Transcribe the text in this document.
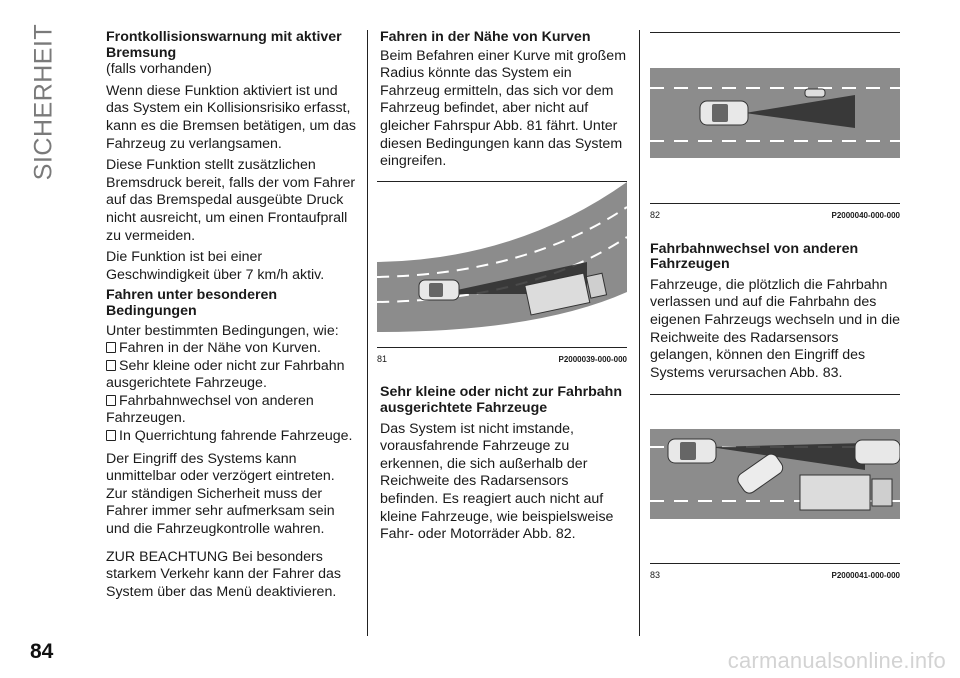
SICHERHEIT
84	carmanualsonline.info
Frontkollisionswarnung mit aktiver Bremsung

(falls vorhanden)

Wenn diese Funktion aktiviert ist und das System ein Kollisionsrisiko erfasst, kann es die Bremsen betätigen, um das Fahrzeug zu verlangsamen.

Diese Funktion stellt zusätzlichen Bremsdruck bereit, falls der vom Fahrer auf das Bremspedal ausgeübte Druck nicht ausreicht, um einen Frontaufprall zu vermeiden.

Die Funktion ist bei einer Geschwindigkeit über 7 km/h aktiv.

Fahren unter besonderen Bedingungen

Unter bestimmten Bedingungen, wie:

Fahren in der Nähe von Kurven.
Sehr kleine oder nicht zur Fahrbahn ausgerichtete Fahrzeuge.
Fahrbahnwechsel von anderen Fahrzeugen.
In Querrichtung fahrende Fahrzeuge.

Der Eingriff des Systems kann unmittelbar oder verzögert eintreten. Zur ständigen Sicherheit muss der Fahrer immer sehr aufmerksam sein und die Fahrzeugkontrolle wahren.

ZUR BEACHTUNG Bei besonders starkem Verkehr kann der Fahrer das System über das Menü deaktivieren.

Fahren in der Nähe von Kurven

Beim Befahren einer Kurve mit großem Radius könnte das System ein Fahrzeug ermitteln, das sich vor dem Fahrzeug befindet, aber nicht auf gleicher Fahrspur Abb. 81 fährt. Unter diesen Bedingungen kann das System eingreifen.

81	P2000039-000-000
Sehr kleine oder nicht zur Fahrbahn ausgerichtete Fahrzeuge

Das System ist nicht imstande, vorausfahrende Fahrzeuge zu erkennen, die sich außerhalb der Reichweite des Radarsensors befinden. Es reagiert auch nicht auf kleine Fahrzeuge, wie beispielsweise Fahr- oder Motorräder Abb. 82.

82	P2000040-000-000
Fahrbahnwechsel von anderen Fahrzeugen

Fahrzeuge, die plötzlich die Fahrbahn verlassen und auf die Fahrbahn des eigenen Fahrzeugs wechseln und in die Reichweite des Radarsensors gelangen, können den Eingriff des Systems verursachen Abb. 83.

83	P2000041-000-000
